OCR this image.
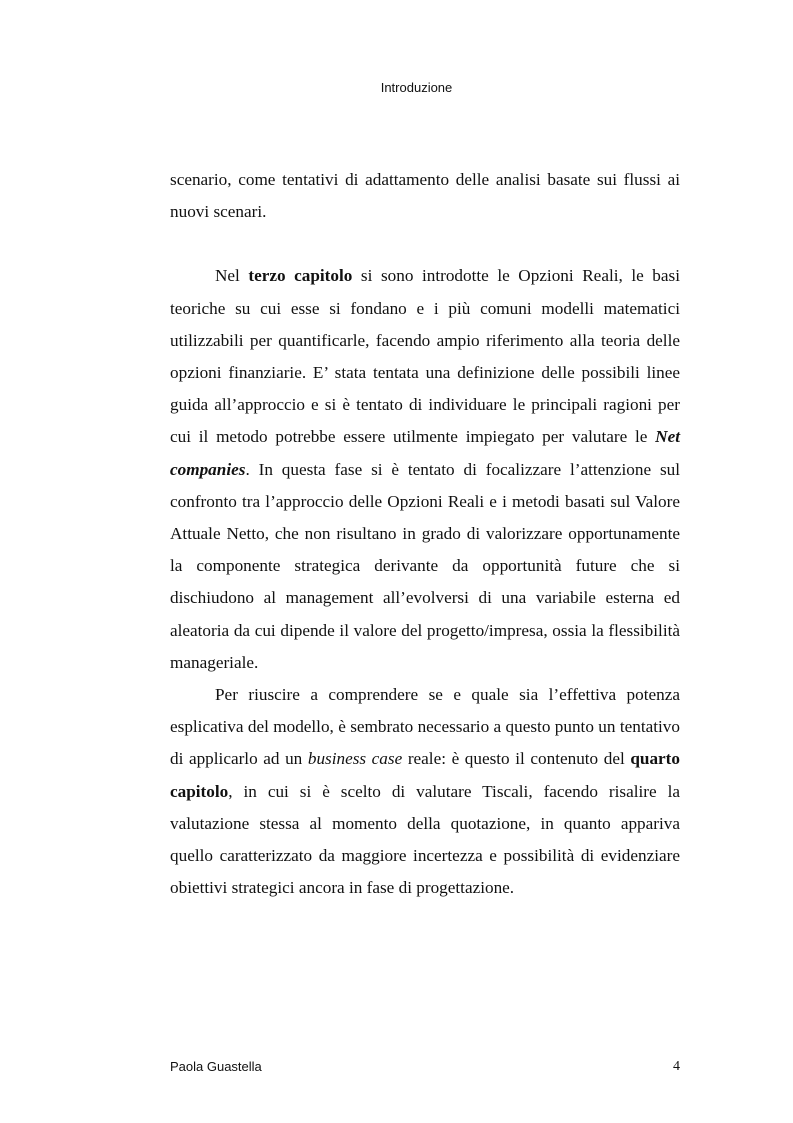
Introduzione

scenario, come tentativi di adattamento delle analisi basate sui flussi ai nuovi scenari.

Nel terzo capitolo si sono introdotte le Opzioni Reali, le basi teoriche su cui esse si fondano e i più comuni modelli matematici utilizzabili per quantificarle, facendo ampio riferimento alla teoria delle opzioni finanziarie. E’ stata tentata una definizione delle possibili linee guida all’approccio e si è tentato di individuare le principali ragioni per cui il metodo potrebbe essere utilmente impiegato per valutare le Net companies. In questa fase si è tentato di focalizzare l’attenzione sul confronto tra l’approccio delle Opzioni Reali e i metodi basati sul Valore Attuale Netto, che non risultano in grado di valorizzare opportunamente la componente strategica derivante da opportunità future che si dischiudono al management all’evolversi di una variabile esterna ed aleatoria da cui dipende il valore del progetto/impresa, ossia la flessibilità manageriale.

Per riuscire a comprendere se e quale sia l’effettiva potenza esplicativa del modello, è sembrato necessario a questo punto un tentativo di applicarlo ad un business case reale: è questo il contenuto del quarto capitolo, in cui si è scelto di valutare Tiscali, facendo risalire la valutazione stessa al momento della quotazione, in quanto appariva quello caratterizzato da maggiore incertezza e possibilità di evidenziare obiettivi strategici ancora in fase di progettazione.

Paola Guastella	4
